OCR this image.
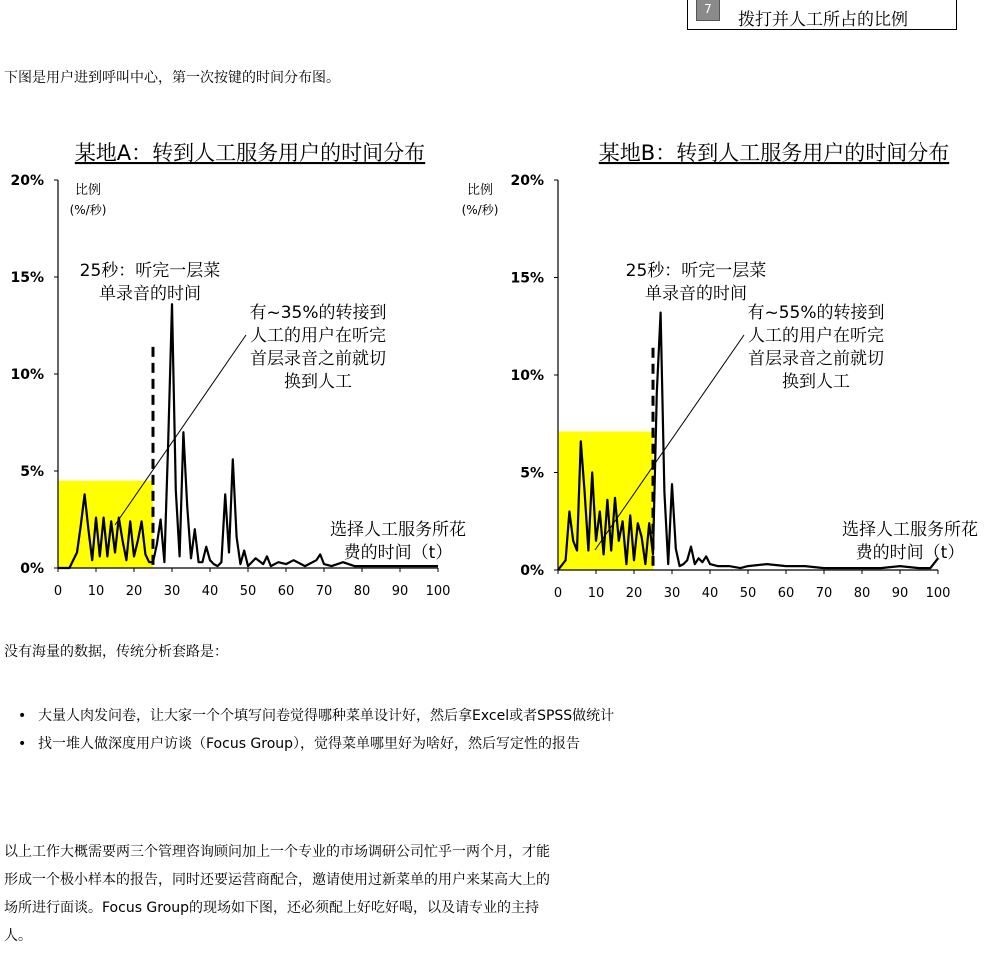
7
拨打并人工所占的比例
下图是用户进到呼叫中心，第一次按键的时间分布图。
某地A：转到人工服务用户的时间分布
0%
5%
10%
15%
20%
0 10 20 30 40 50 60 70 80 90 100
比例
(%/秒)
25秒：听完一层菜
单录音的时间
有~35%的转接到
人工的用户在听完
首层录音之前就切
换到人工
选择人工服务所花
费的时间（t）
某地B：转到人工服务用户的时间分布
0%
5%
10%
15%
20%
0 10 20 30 40 50 60 70 80 90 100
比例
(%/秒)
25秒：听完一层菜
单录音的时间
有~55%的转接到
人工的用户在听完
首层录音之前就切
换到人工
选择人工服务所花
费的时间（t）
没有海量的数据，传统分析套路是：
• 大量人肉发问卷，让大家一个个填写问卷觉得哪种菜单设计好，然后拿Excel或者SPSS做统计
• 找一堆人做深度用户访谈（Focus Group），觉得菜单哪里好为啥好，然后写定性的报告
以上工作大概需要两三个管理咨询顾问加上一个专业的市场调研公司忙乎一两个月，才能
形成一个极小样本的报告，同时还要运营商配合，邀请使用过新菜单的用户来某高大上的
场所进行面谈。Focus Group的现场如下图，还必须配上好吃好喝，以及请专业的主持
人。
